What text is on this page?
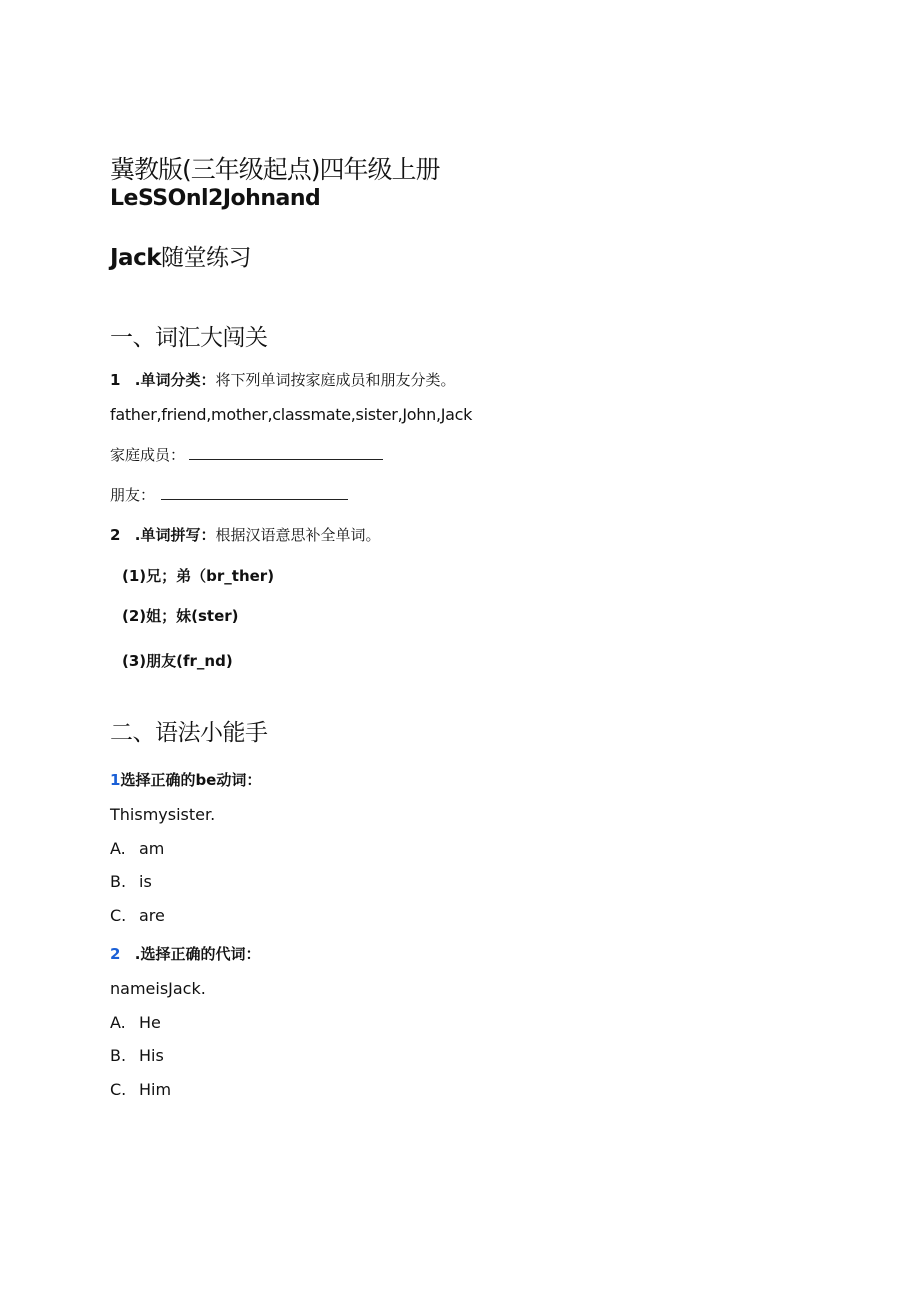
冀教版(三年级起点)四年级上册
LeSSOnl2Johnand
Jack随堂练习
一、词汇大闯关
1 .单词分类：将下列单词按家庭成员和朋友分类。
father,friend,mother,classmate,sister,John,Jack
家庭成员：
朋友：
2 .单词拼写：根据汉语意思补全单词。
(1)兄；弟（br_ther)
(2)姐；妹(ster)
(3)朋友(fr_nd)
二、语法小能手
1选择正确的be动词：
Thismysister.
A. am
B. is
C. are
2 .选择正确的代词：
nameisJack.
A. He
B. His
C. Him
